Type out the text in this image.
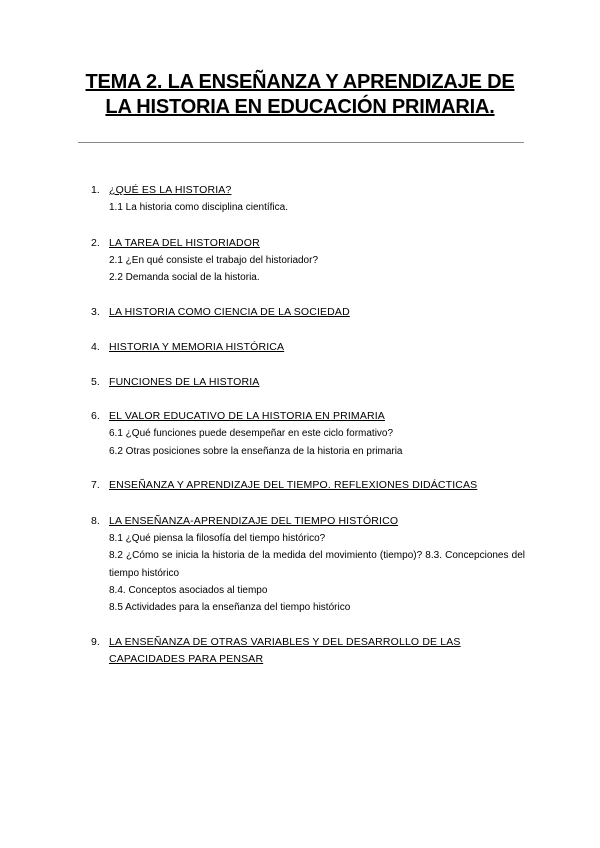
TEMA 2. LA ENSEÑANZA Y APRENDIZAJE DE
LA HISTORIA EN EDUCACIÓN PRIMARIA.
1. ¿QUÉ ES LA HISTORIA?
1.1 La historia como disciplina científica.
2. LA TAREA DEL HISTORIADOR
2.1 ¿En qué consiste el trabajo del historiador?
2.2 Demanda social de la historia.
3. LA HISTORIA COMO CIENCIA DE LA SOCIEDAD
4. HISTORIA Y MEMORIA HISTÓRICA
5. FUNCIONES DE LA HISTORIA
6. EL VALOR EDUCATIVO DE LA HISTORIA EN PRIMARIA
6.1 ¿Qué funciones puede desempeñar en este ciclo formativo?
6.2 Otras posiciones sobre la enseñanza de la historia en primaria
7. ENSEÑANZA Y APRENDIZAJE DEL TIEMPO. REFLEXIONES DIDÁCTICAS
8. LA ENSEÑANZA-APRENDIZAJE DEL TIEMPO HISTÓRICO
8.1 ¿Qué piensa la filosofía del tiempo histórico?
8.2 ¿Cómo se inicia la historia de la medida del movimiento (tiempo)? 8.3. Concepciones del tiempo histórico
8.4. Conceptos asociados al tiempo
8.5 Actividades para la enseñanza del tiempo histórico
9. LA ENSEÑANZA DE OTRAS VARIABLES Y DEL DESARROLLO DE LAS CAPACIDADES PARA PENSAR
